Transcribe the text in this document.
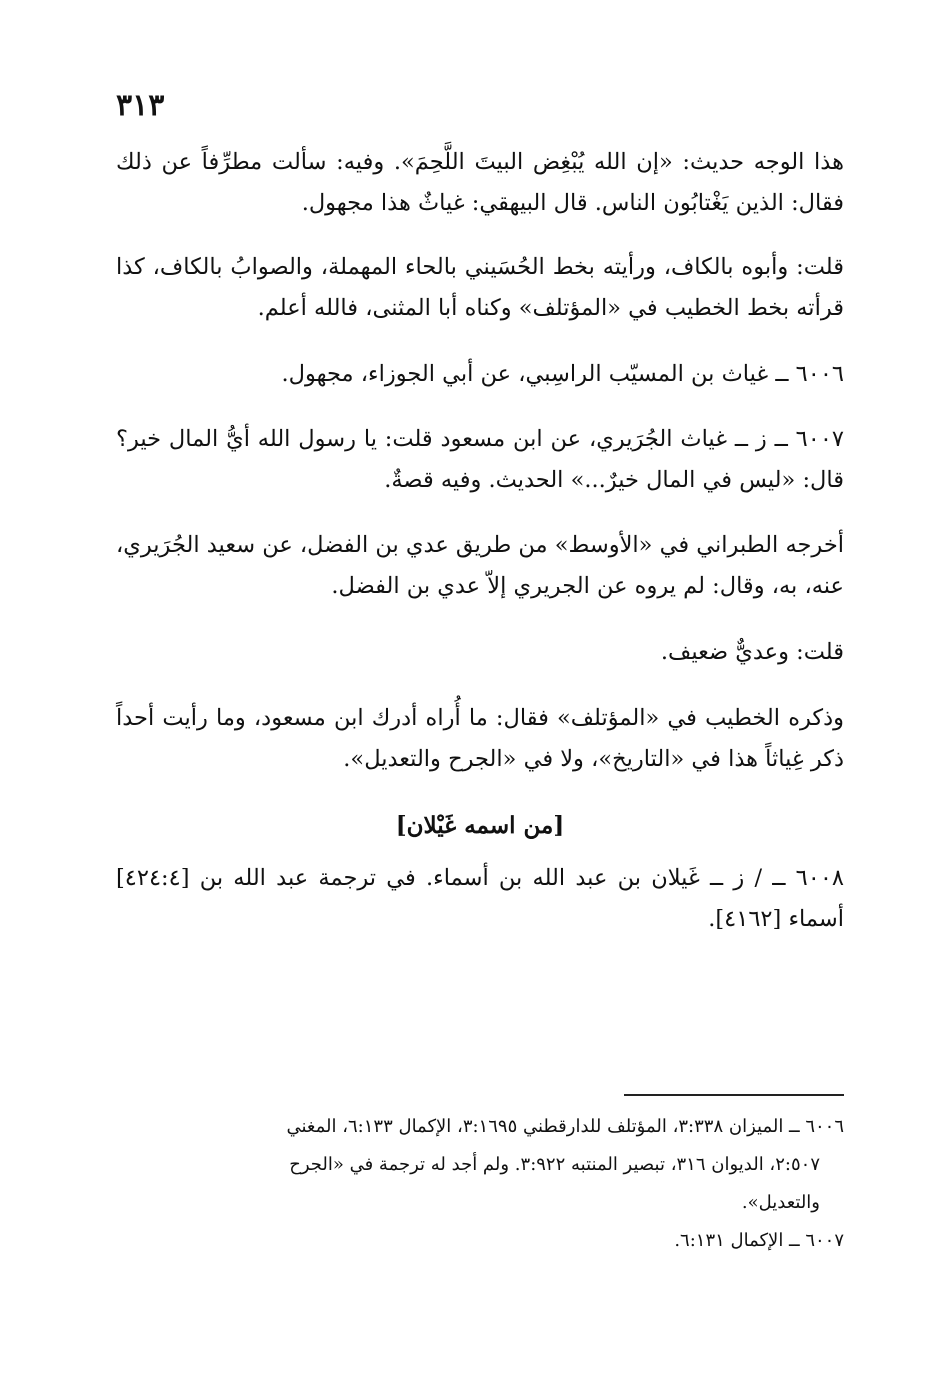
٣١٣

هذا الوجه حديث: «إن الله يُبْغِض البيتَ اللَّحِمَ». وفيه: سألت مطرِّفاً عن ذلك فقال: الذين يَغْتابُون الناس. قال البيهقي: غياثٌ هذا مجهول.

قلت: وأبوه بالكاف، ورأيته بخط الحُسَيني بالحاء المهملة، والصوابُ بالكاف، كذا قرأته بخط الخطيب في «المؤتلف» وكناه أبا المثنى، فالله أعلم.

٦٠٠٦ ــ غياث بن المسيّب الراسِبي، عن أبي الجوزاء، مجهول.

٦٠٠٧ ــ ز ــ غياث الجُرَيري، عن ابن مسعود قلت: يا رسول الله أيُّ المال خير؟ قال: «ليس في المال خيرٌ...» الحديث. وفيه قصةٌ.

أخرجه الطبراني في «الأوسط» من طريق عدي بن الفضل، عن سعيد الجُرَيري، عنه، به، وقال: لم يروه عن الجريري إلاّ عدي بن الفضل.

قلت: وعديٌّ ضعيف.

وذكره الخطيب في «المؤتلف» فقال: ما أُراه أدرك ابن مسعود، وما رأيت أحداً ذكر غِياثاً هذا في «التاريخ»، ولا في «الجرح والتعديل».

[من اسمه غَيْلان]

٦٠٠٨ ــ / ز ــ غَيلان بن عبد الله بن أسماء. في ترجمة عبد الله بن [٤٢٤:٤] أسماء [٤١٦٢].

٦٠٠٦ ــ الميزان ٣:٣٣٨، المؤتلف للدارقطني ٣:١٦٩٥، الإكمال ٦:١٣٣، المغني

٢:٥٠٧، الديوان ٣١٦، تبصير المنتبه ٣:٩٢٢. ولم أجد له ترجمة في «الجرح

والتعديل».

٦٠٠٧ ــ الإكمال ٦:١٣١.
